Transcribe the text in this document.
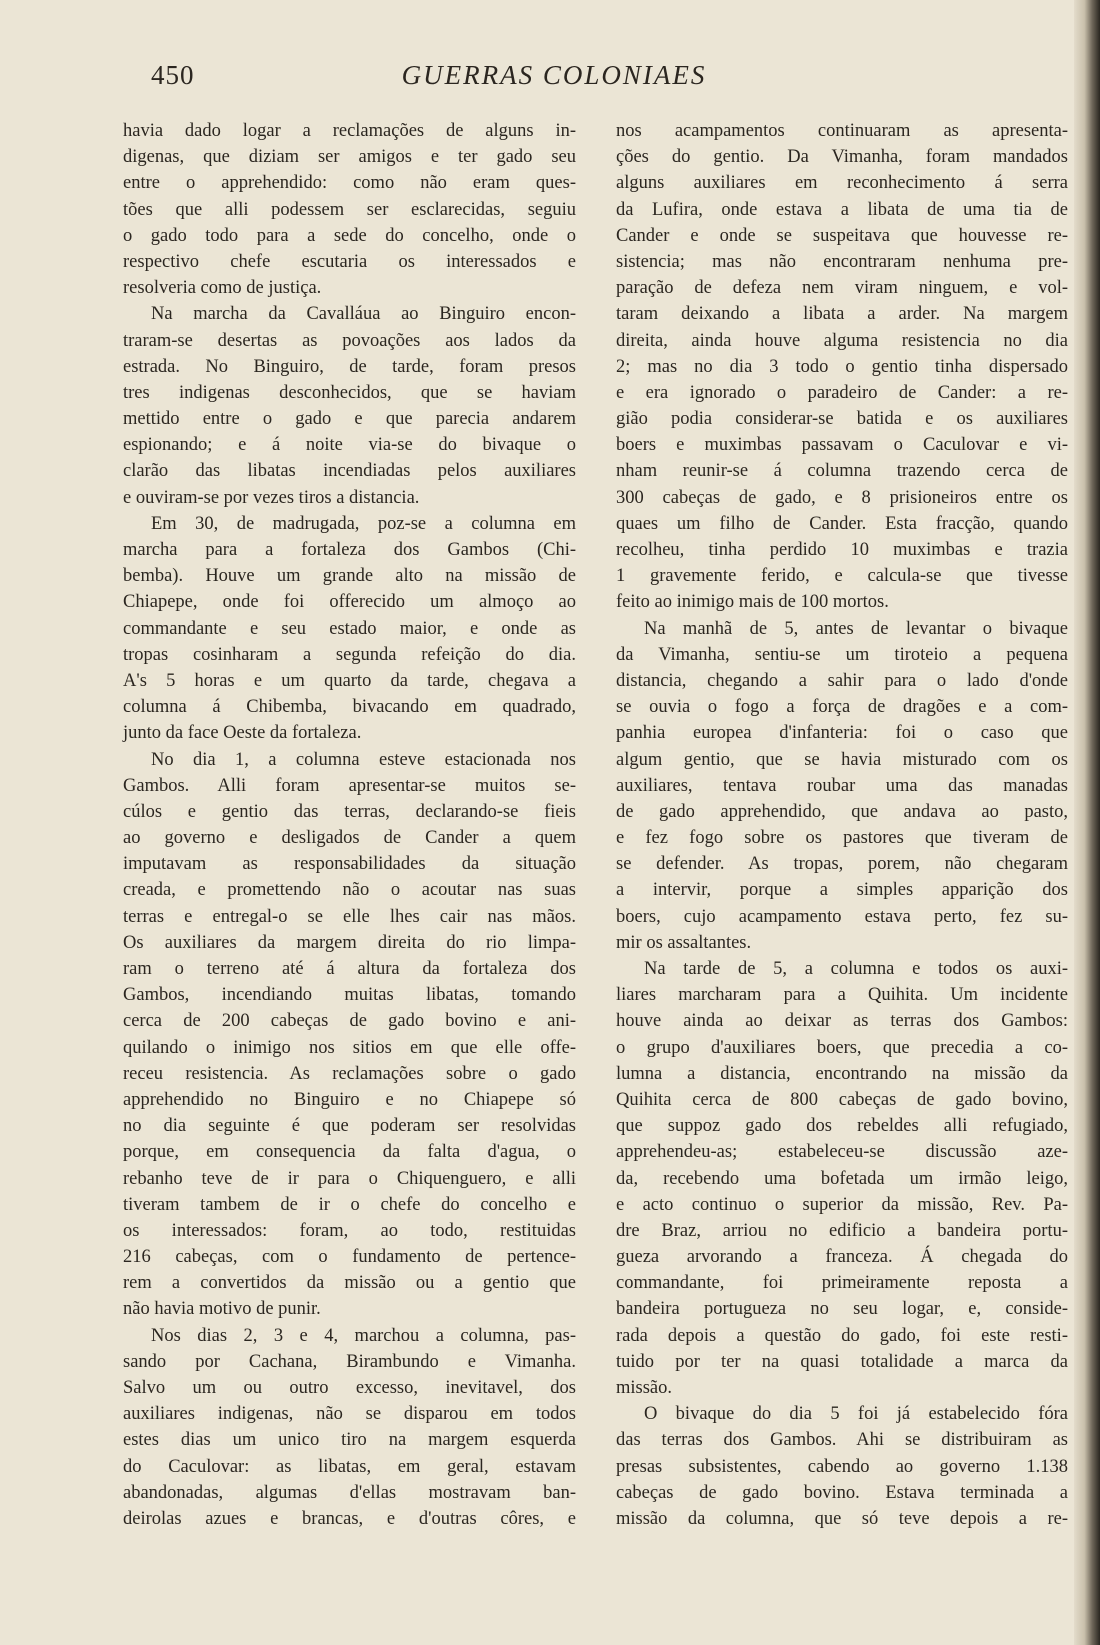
450	GUERRAS COLONIAES
havia dado logar a reclamações de alguns in-
digenas, que diziam ser amigos e ter gado seu
entre o apprehendido: como não eram ques-
tões que alli podessem ser esclarecidas, seguiu
o gado todo para a sede do concelho, onde o
respectivo chefe escutaria os interessados e
resolveria como de justiça.
Na marcha da Cavalláua ao Binguiro encon-
traram-se desertas as povoações aos lados da
estrada. No Binguiro, de tarde, foram presos
tres indigenas desconhecidos, que se haviam
mettido entre o gado e que parecia andarem
espionando; e á noite via-se do bivaque o
clarão das libatas incendiadas pelos auxiliares
e ouviram-se por vezes tiros a distancia.
Em 30, de madrugada, poz-se a columna em
marcha para a fortaleza dos Gambos (Chi-
bemba). Houve um grande alto na missão de
Chiapepe, onde foi offerecido um almoço ao
commandante e seu estado maior, e onde as
tropas cosinharam a segunda refeição do dia.
A's 5 horas e um quarto da tarde, chegava a
columna á Chibemba, bivacando em quadrado,
junto da face Oeste da fortaleza.
No dia 1, a columna esteve estacionada nos
Gambos. Alli foram apresentar-se muitos se-
cúlos e gentio das terras, declarando-se fieis
ao governo e desligados de Cander a quem
imputavam as responsabilidades da situação
creada, e promettendo não o acoutar nas suas
terras e entregal-o se elle lhes cair nas mãos.
Os auxiliares da margem direita do rio limpa-
ram o terreno até á altura da fortaleza dos
Gambos, incendiando muitas libatas, tomando
cerca de 200 cabeças de gado bovino e ani-
quilando o inimigo nos sitios em que elle offe-
receu resistencia. As reclamações sobre o gado
apprehendido no Binguiro e no Chiapepe só
no dia seguinte é que poderam ser resolvidas
porque, em consequencia da falta d'agua, o
rebanho teve de ir para o Chiquenguero, e alli
tiveram tambem de ir o chefe do concelho e
os interessados: foram, ao todo, restituidas
216 cabeças, com o fundamento de pertence-
rem a convertidos da missão ou a gentio que
não havia motivo de punir.
Nos dias 2, 3 e 4, marchou a columna, pas-
sando por Cachana, Birambundo e Vimanha.
Salvo um ou outro excesso, inevitavel, dos
auxiliares indigenas, não se disparou em todos
estes dias um unico tiro na margem esquerda
do Caculovar: as libatas, em geral, estavam
abandonadas, algumas d'ellas mostravam ban-
deirolas azues e brancas, e d'outras côres, e
nos acampamentos continuaram as apresenta-
ções do gentio. Da Vimanha, foram mandados
alguns auxiliares em reconhecimento á serra
da Lufira, onde estava a libata de uma tia de
Cander e onde se suspeitava que houvesse re-
sistencia; mas não encontraram nenhuma pre-
paração de defeza nem viram ninguem, e vol-
taram deixando a libata a arder. Na margem
direita, ainda houve alguma resistencia no dia
2; mas no dia 3 todo o gentio tinha dispersado
e era ignorado o paradeiro de Cander: a re-
gião podia considerar-se batida e os auxiliares
boers e muximbas passavam o Caculovar e vi-
nham reunir-se á columna trazendo cerca de
300 cabeças de gado, e 8 prisioneiros entre os
quaes um filho de Cander. Esta fracção, quando
recolheu, tinha perdido 10 muximbas e trazia
1 gravemente ferido, e calcula-se que tivesse
feito ao inimigo mais de 100 mortos.
Na manhã de 5, antes de levantar o bivaque
da Vimanha, sentiu-se um tiroteio a pequena
distancia, chegando a sahir para o lado d'onde
se ouvia o fogo a força de dragões e a com-
panhia europea d'infanteria: foi o caso que
algum gentio, que se havia misturado com os
auxiliares, tentava roubar uma das manadas
de gado apprehendido, que andava ao pasto,
e fez fogo sobre os pastores que tiveram de
se defender. As tropas, porem, não chegaram
a intervir, porque a simples apparição dos
boers, cujo acampamento estava perto, fez su-
mir os assaltantes.
Na tarde de 5, a columna e todos os auxi-
liares marcharam para a Quihita. Um incidente
houve ainda ao deixar as terras dos Gambos:
o grupo d'auxiliares boers, que precedia a co-
lumna a distancia, encontrando na missão da
Quihita cerca de 800 cabeças de gado bovino,
que suppoz gado dos rebeldes alli refugiado,
apprehendeu-as; estabeleceu-se discussão aze-
da, recebendo uma bofetada um irmão leigo,
e acto continuo o superior da missão, Rev. Pa-
dre Braz, arriou no edificio a bandeira portu-
gueza arvorando a franceza. Á chegada do
commandante, foi primeiramente reposta a
bandeira portugueza no seu logar, e, conside-
rada depois a questão do gado, foi este resti-
tuido por ter na quasi totalidade a marca da
missão.
O bivaque do dia 5 foi já estabelecido fóra
das terras dos Gambos. Ahi se distribuiram as
presas subsistentes, cabendo ao governo 1.138
cabeças de gado bovino. Estava terminada a
missão da columna, que só teve depois a re-
